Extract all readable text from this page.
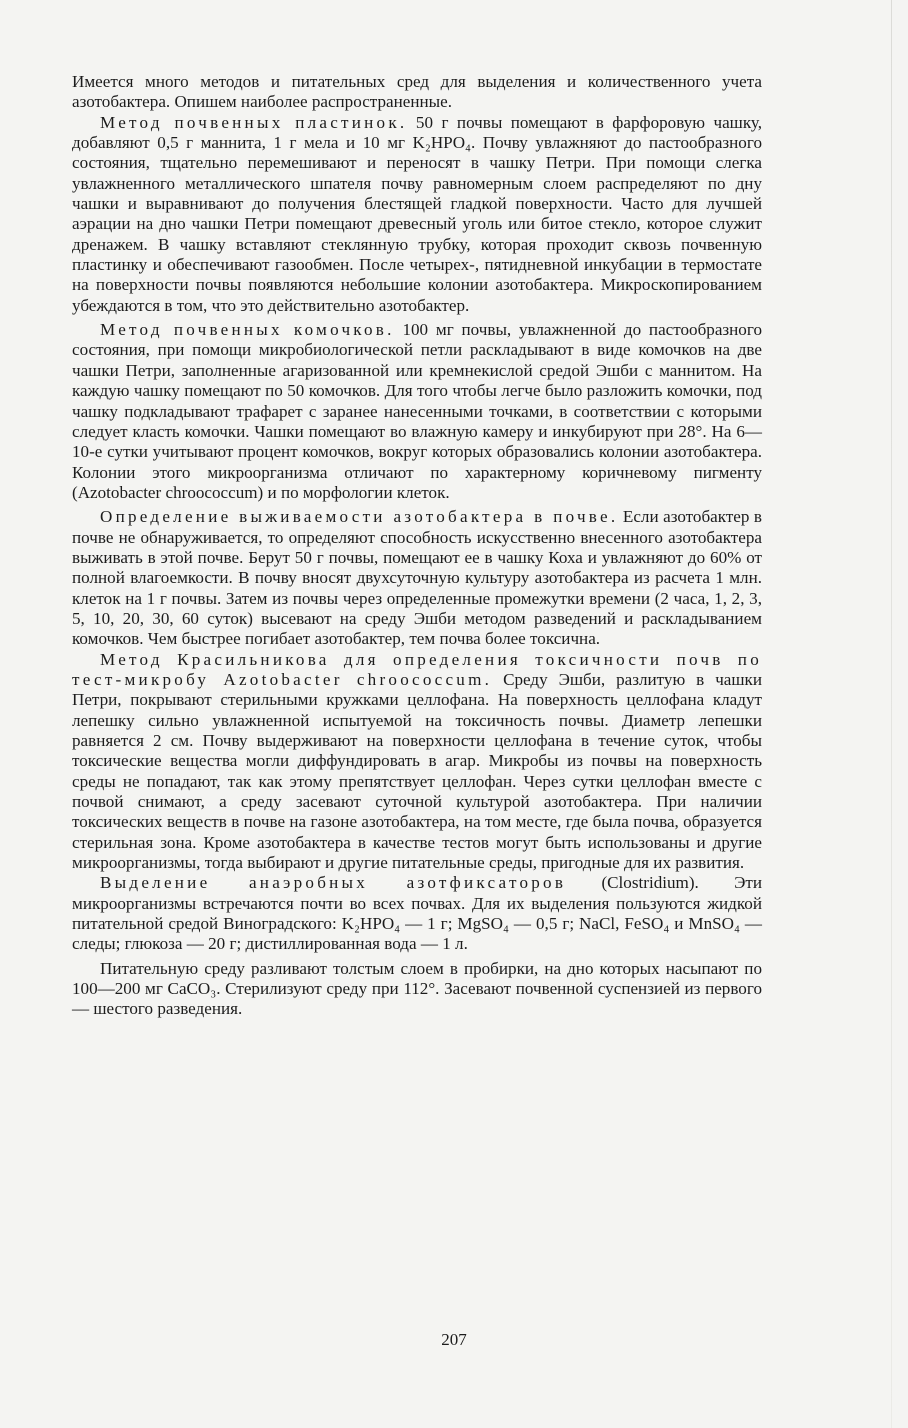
Имеется много методов и питательных сред для выделения и количественного учета азотобактера. Опишем наиболее распространенные.

Метод почвенных пластинок. 50 г почвы помещают в фарфоровую чашку, добавляют 0,5 г маннита, 1 г мела и 10 мг K₂HPO₄. Почву увлажняют до пастообразного состояния, тщательно перемешивают и переносят в чашку Петри. При помощи слегка увлажненного металлического шпателя почву равномерным слоем распределяют по дну чашки и выравнивают до получения блестящей гладкой поверхности. Часто для лучшей аэрации на дно чашки Петри помещают древесный уголь или битое стекло, которое служит дренажем. В чашку вставляют стеклянную трубку, которая проходит сквозь почвенную пластинку и обеспечивают газообмен. После четырех-, пятидневной инкубации в термостате на поверхности почвы появляются небольшие колонии азотобактера. Микроскопированием убеждаются в том, что это действительно азотобактер.

Метод почвенных комочков. 100 мг почвы, увлажненной до пастообразного состояния, при помощи микробиологической петли раскладывают в виде комочков на две чашки Петри, заполненные агаризованной или кремнекислой средой Эшби с маннитом. На каждую чашку помещают по 50 комочков. Для того чтобы легче было разложить комочки, под чашку подкладывают трафарет с заранее нанесенными точками, в соответствии с которыми следует класть комочки. Чашки помещают во влажную камеру и инкубируют при 28°. На 6—10-е сутки учитывают процент комочков, вокруг которых образовались колонии азотобактера. Колонии этого микроорганизма отличают по характерному коричневому пигменту (Azotobacter chroococcum) и по морфологии клеток.

Определение выживаемости азотобактера в почве. Если азотобактер в почве не обнаруживается, то определяют способность искусственно внесенного азотобактера выживать в этой почве. Берут 50 г почвы, помещают ее в чашку Коха и увлажняют до 60% от полной влагоемкости. В почву вносят двухсуточную культуру азотобактера из расчета 1 млн. клеток на 1 г почвы. Затем из почвы через определенные промежутки времени (2 часа, 1, 2, 3, 5, 10, 20, 30, 60 суток) высевают на среду Эшби методом разведений и раскладыванием комочков. Чем быстрее погибает азотобактер, тем почва более токсична.

Метод Красильникова для определения токсичности почв по тест-микробу Azotobacter chroococcum. Среду Эшби, разлитую в чашки Петри, покрывают стерильными кружками целлофана. На поверхность целлофана кладут лепешку сильно увлажненной испытуемой на токсичность почвы. Диаметр лепешки равняется 2 см. Почву выдерживают на поверхности целлофана в течение суток, чтобы токсические вещества могли диффундировать в агар. Микробы из почвы на поверхность среды не попадают, так как этому препятствует целлофан. Через сутки целлофан вместе с почвой снимают, а среду засевают суточной культурой азотобактера. При наличии токсических веществ в почве на газоне азотобактера, на том месте, где была почва, образуется стерильная зона. Кроме азотобактера в качестве тестов могут быть использованы и другие микроорганизмы, тогда выбирают и другие питательные среды, пригодные для их развития.

Выделение анаэробных азотфиксаторов (Clostridium). Эти микроорганизмы встречаются почти во всех почвах. Для их выделения пользуются жидкой питательной средой Виноградского: K₂HPO₄ — 1 г; MgSO₄ — 0,5 г; NaCl, FeSO₄ и MnSO₄ — следы; глюкоза — 20 г; дистиллированная вода — 1 л.

Питательную среду разливают толстым слоем в пробирки, на дно которых насыпают по 100—200 мг CaCO₃. Стерилизуют среду при 112°. Засевают почвенной суспензией из первого — шестого разведения.

207
